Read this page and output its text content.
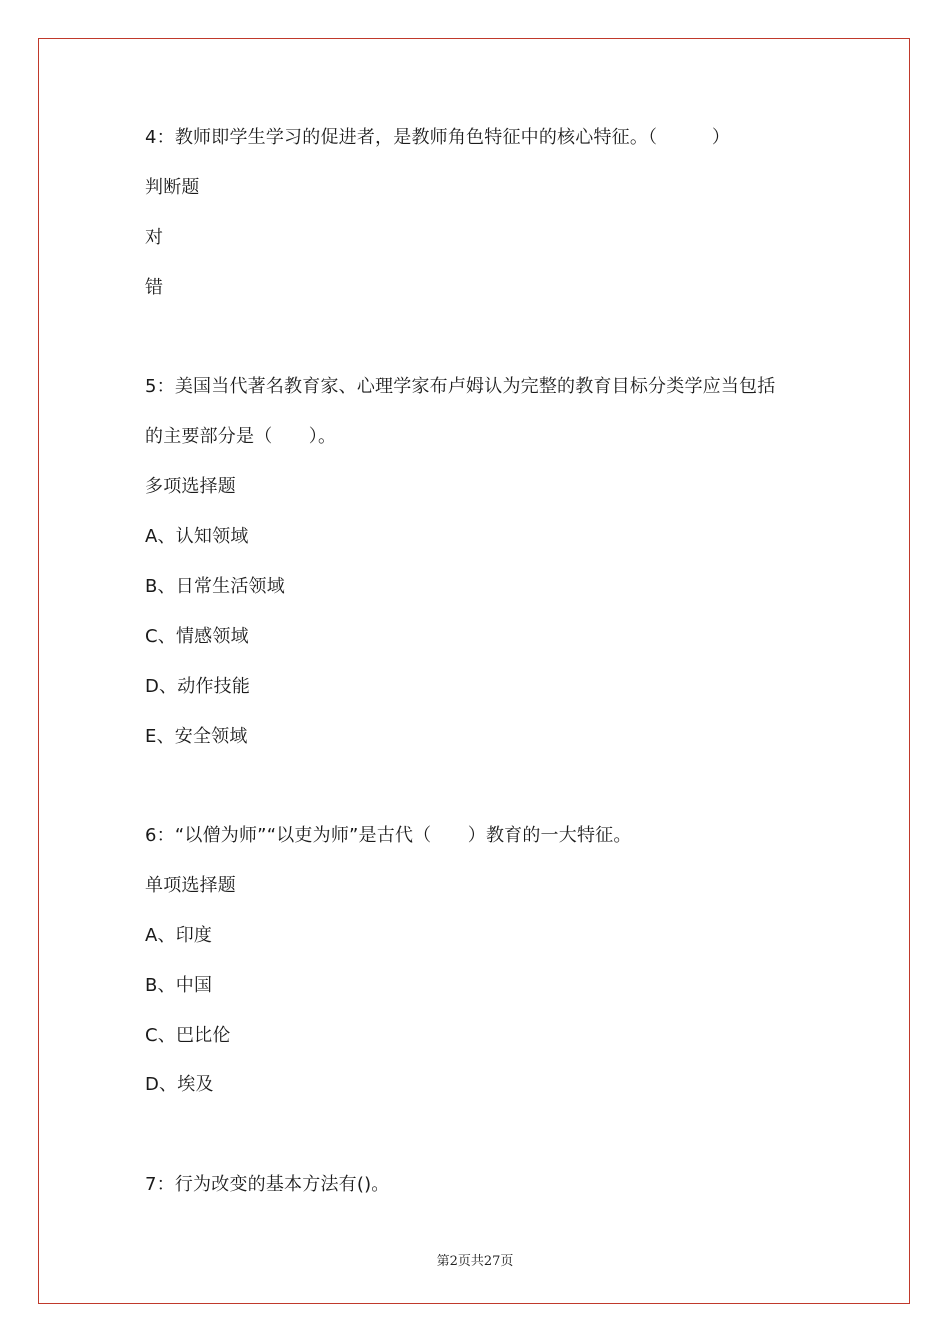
4：教师即学生学习的促进者，是教师角色特征中的核心特征。（　　　）
判断题
对
错
5：美国当代著名教育家、心理学家布卢姆认为完整的教育目标分类学应当包括
的主要部分是（　　）。
多项选择题
A、认知领域
B、日常生活领域
C、情感领域
D、动作技能
E、安全领域
6：“以僧为师”“以吏为师”是古代（　　）教育的一大特征。
单项选择题
A、印度
B、中国
C、巴比伦
D、埃及
7：行为改变的基本方法有()。
第2页共27页
